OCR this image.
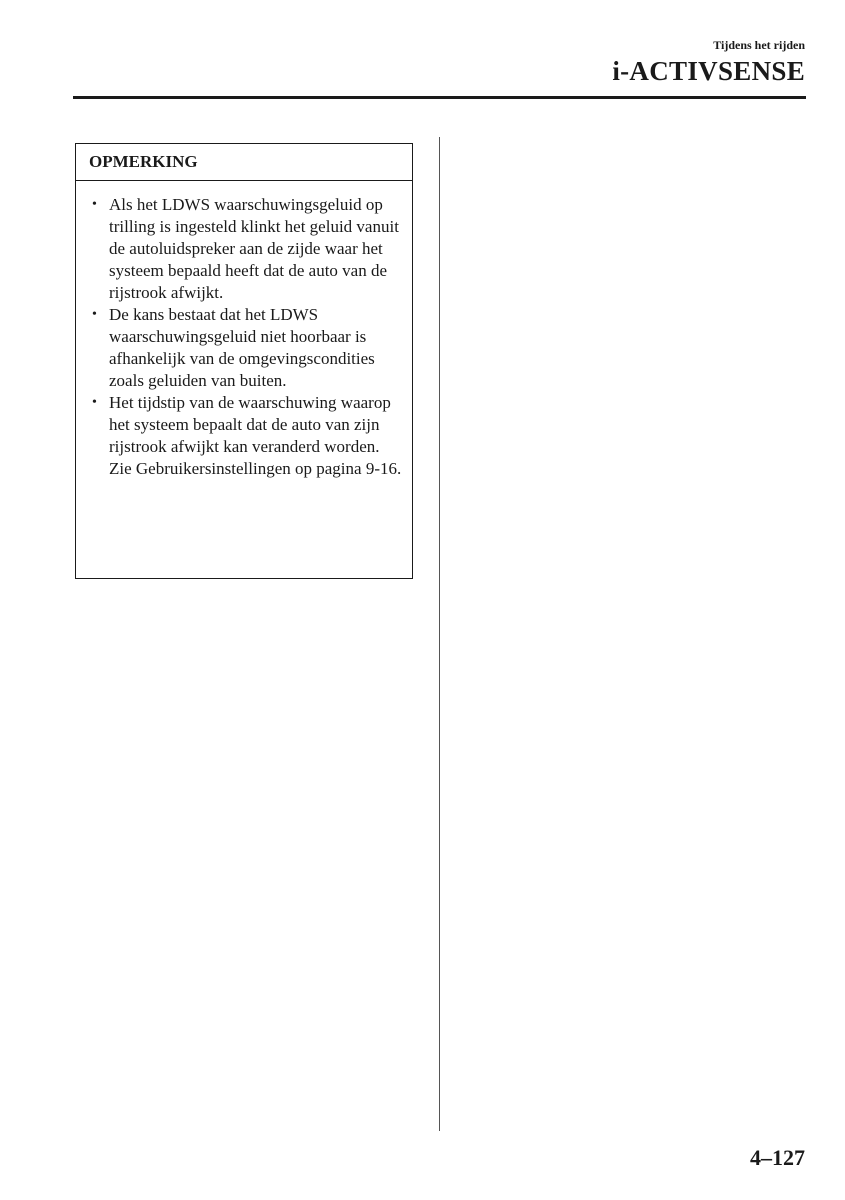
Tijdens het rijden
i-ACTIVSENSE
OPMERKING
• Als het LDWS waarschuwingsgeluid op trilling is ingesteld klinkt het geluid vanuit de autoluidspreker aan de zijde waar het systeem bepaald heeft dat de auto van de rijstrook afwijkt.
• De kans bestaat dat het LDWS waarschuwingsgeluid niet hoorbaar is afhankelijk van de omgevingscondities zoals geluiden van buiten.
• Het tijdstip van de waarschuwing waarop het systeem bepaalt dat de auto van zijn rijstrook afwijkt kan veranderd worden.
Zie Gebruikersinstellingen op pagina 9-16.
4–127
